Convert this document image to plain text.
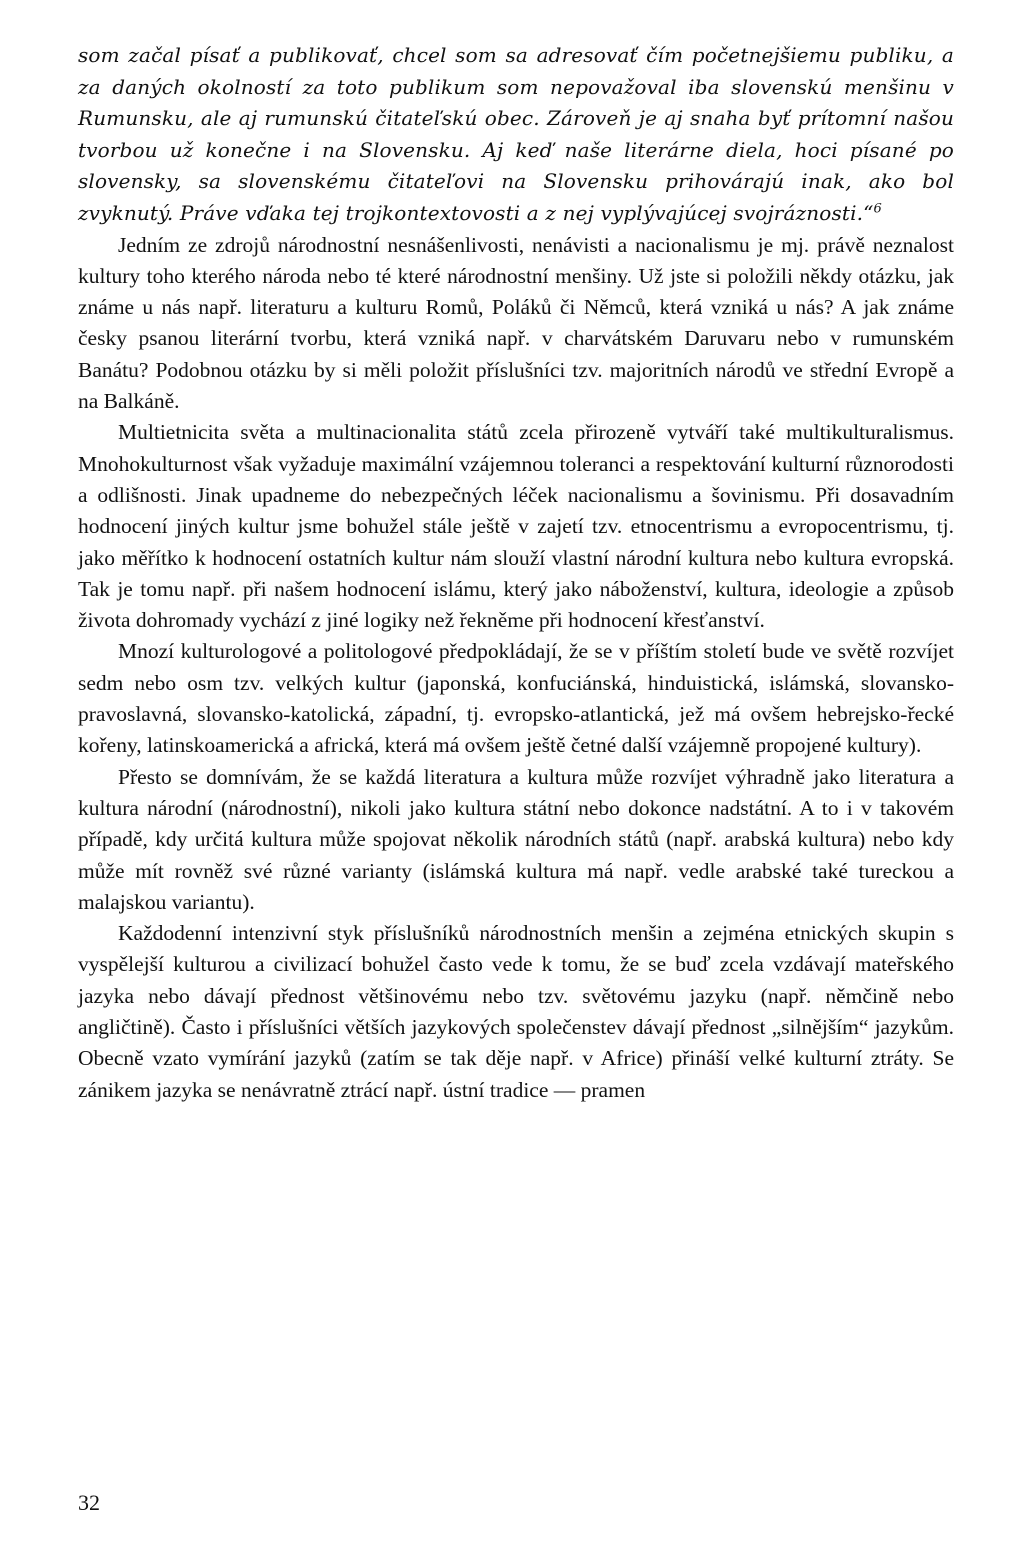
som začal písať a publikovať, chcel som sa adresovať čím početnejšiemu publiku, a za daných okolností za toto publikum som nepovažoval iba slovenskú menšinu v Rumunsku, ale aj rumunskú čitateľskú obec. Zároveň je aj snaha byť prítomní našou tvorbou už konečne i na Slovensku. Aj keď naše literárne diela, hoci písané po slovensky, sa slovenskému čitateľovi na Slovensku prihovárajú inak, ako bol zvyknutý. Práve vďaka tej trojkontextovosti a z nej vyplývajúcej svojráznosti.“$^6$

Jedním ze zdrojů národnostní nesnášenlivosti, nenávisti a nacionalismu je mj. právě neznalost kultury toho kterého národa nebo té které národnostní menšiny. Už jste si položili někdy otázku, jak známe u nás např. literaturu a kulturu Romů, Poláků či Němců, která vzniká u nás? A jak známe česky psanou literární tvorbu, která vzniká např. v charvátském Daruvaru nebo v rumunském Banátu? Podobnou otázku by si měli položit příslušníci tzv. majoritních národů ve střední Evropě a na Balkáně.

Multietnicita světa a multinacionalita států zcela přirozeně vytváří také multikulturalismus. Mnohokulturnost však vyžaduje maximální vzájemnou toleranci a respektování kulturní různorodosti a odlišnosti. Jinak upadneme do nebezpečných léček nacionalismu a šovinismu. Při dosavadním hodnocení jiných kultur jsme bohužel stále ještě v zajetí tzv. etnocentrismu a evropocentrismu, tj. jako měřítko k hodnocení ostatních kultur nám slouží vlastní národní kultura nebo kultura evropská. Tak je tomu např. při našem hodnocení islámu, který jako náboženství, kultura, ideologie a způsob života dohromady vychází z jiné logiky než řekněme při hodnocení křesťanství.

Mnozí kulturologové a politologové předpokládají, že se v příštím století bude ve světě rozvíjet sedm nebo osm tzv. velkých kultur (japonská, konfuciánská, hinduistická, islámská, slovansko-pravoslavná, slovansko-katolická, západní, tj. evropsko-atlantická, jež má ovšem hebrejsko-řecké kořeny, latinskoamerická a africká, která má ovšem ještě četné další vzájemně propojené kultury).

Přesto se domnívám, že se každá literatura a kultura může rozvíjet výhradně jako literatura a kultura národní (národnostní), nikoli jako kultura státní nebo dokonce nadstátní. A to i v takovém případě, kdy určitá kultura může spojovat několik národních států (např. arabská kultura) nebo kdy může mít rovněž své různé varianty (islámská kultura má např. vedle arabské také tureckou a malajskou variantu).

Každodenní intenzivní styk příslušníků národnostních menšin a zejména etnických skupin s vyspělejší kulturou a civilizací bohužel často vede k tomu, že se buď zcela vzdávají mateřského jazyka nebo dávají přednost většinovému nebo tzv. světovému jazyku (např. němčině nebo angličtině). Často i příslušníci větších jazykových společenstev dávají přednost „silnějším“ jazykům. Obecně vzato vymírání jazyků (zatím se tak děje např. v Africe) přináší velké kulturní ztráty. Se zánikem jazyka se nenávratně ztrácí např. ústní tradice — pramen

32
